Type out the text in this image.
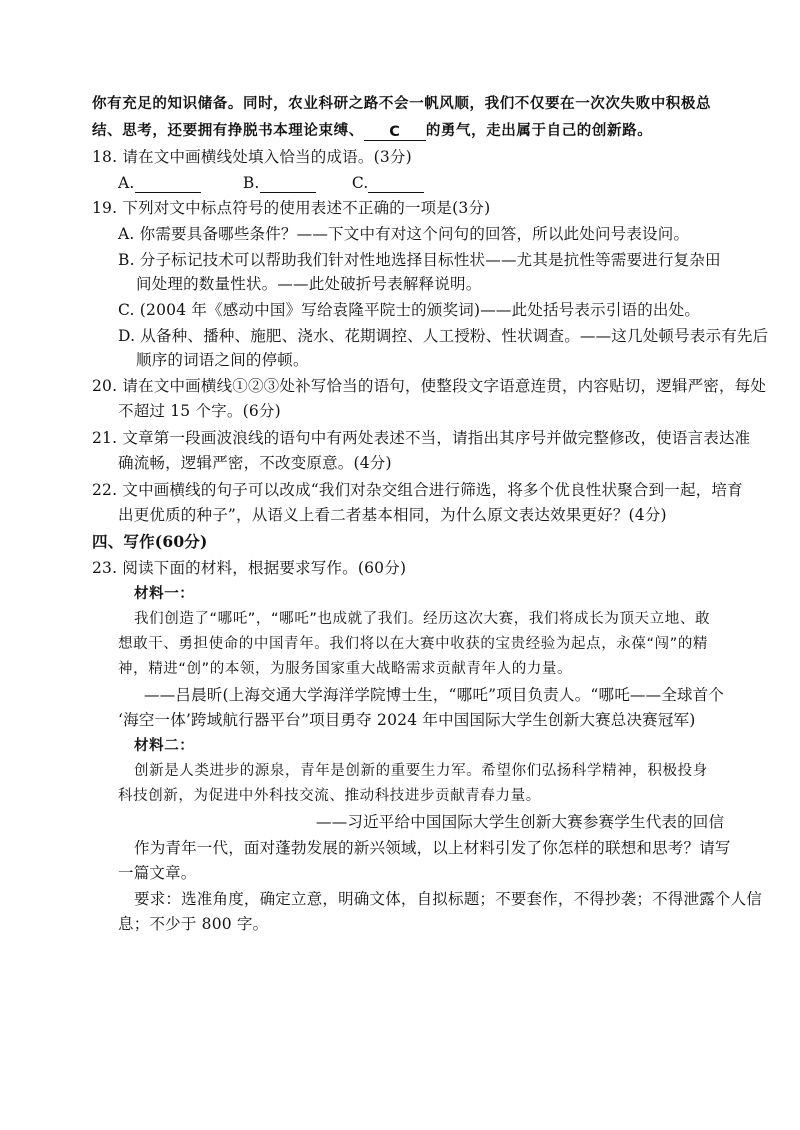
你有充足的知识储备。同时，农业科研之路不会一帆风顺，我们不仅要在一次次失败中积极总
结、思考，还要拥有挣脱书本理论束缚、 C 的勇气，走出属于自己的创新路。
18. 请在文中画横线处填入恰当的成语。(3分)
A.	B.	C.
19. 下列对文中标点符号的使用表述不正确的一项是(3分)
A. 你需要具备哪些条件？——下文中有对这个问句的回答，所以此处问号表设问。
B. 分子标记技术可以帮助我们针对性地选择目标性状——尤其是抗性等需要进行复杂田
间处理的数量性状。——此处破折号表解释说明。
C. (2004 年《感动中国》写给袁隆平院士的颁奖词)——此处括号表示引语的出处。
D. 从备种、播种、施肥、浇水、花期调控、人工授粉、性状调查。——这几处顿号表示有先后
顺序的词语之间的停顿。
20. 请在文中画横线①②③处补写恰当的语句，使整段文字语意连贯，内容贴切，逻辑严密，每处
不超过 15 个字。(6分)
21. 文章第一段画波浪线的语句中有两处表述不当，请指出其序号并做完整修改，使语言表达准
确流畅，逻辑严密，不改变原意。(4分)
22. 文中画横线的句子可以改成“我们对杂交组合进行筛选，将多个优良性状聚合到一起，培育
出更优质的种子”，从语义上看二者基本相同，为什么原文表达效果更好？(4分)
四、写作(60分)
23. 阅读下面的材料，根据要求写作。(60分)
材料一：
我们创造了“哪吒”，“哪吒”也成就了我们。经历这次大赛，我们将成长为顶天立地、敢
想敢干、勇担使命的中国青年。我们将以在大赛中收获的宝贵经验为起点，永葆“闯”的精
神，精进“创”的本领，为服务国家重大战略需求贡献青年人的力量。
——吕晨昕(上海交通大学海洋学院博士生，“哪吒”项目负责人。“哪吒——全球首个
‘海空一体’跨域航行器平台”项目勇夺 2024 年中国国际大学生创新大赛总决赛冠军)
材料二：
创新是人类进步的源泉，青年是创新的重要生力军。希望你们弘扬科学精神，积极投身
科技创新，为促进中外科技交流、推动科技进步贡献青春力量。
——习近平给中国国际大学生创新大赛参赛学生代表的回信
作为青年一代，面对蓬勃发展的新兴领域，以上材料引发了你怎样的联想和思考？请写
一篇文章。
要求：选准角度，确定立意，明确文体，自拟标题；不要套作，不得抄袭；不得泄露个人信
息；不少于 800 字。
